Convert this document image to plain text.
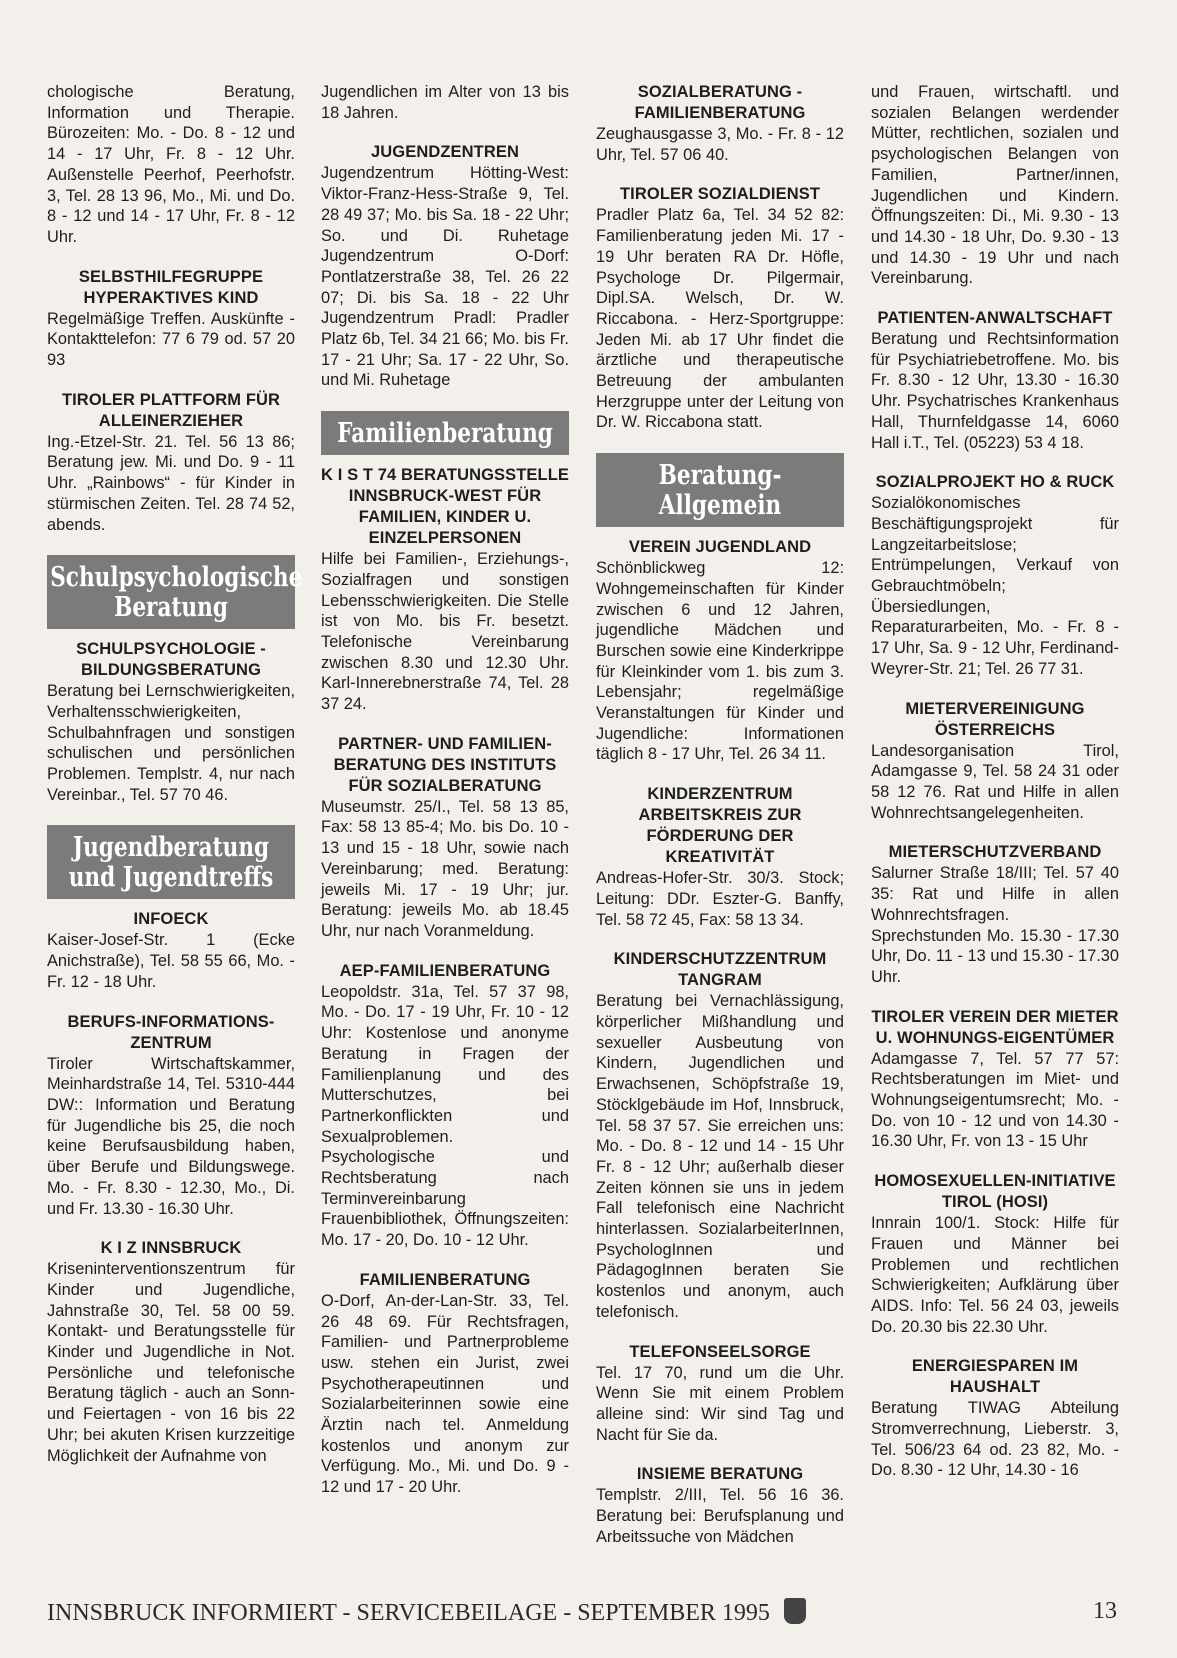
chologische Beratung, Information und Therapie. Bürozeiten: Mo. - Do. 8 - 12 und 14 - 17 Uhr, Fr. 8 - 12 Uhr. Außenstelle Peerhof, Peerhofstr. 3, Tel. 28 13 96, Mo., Mi. und Do. 8 - 12 und 14 - 17 Uhr, Fr. 8 - 12 Uhr.

SELBSTHILFEGRUPPE HYPERAKTIVES KIND

Regelmäßige Treffen. Auskünfte - Kontakttelefon: 77 6 79 od. 57 20 93

TIROLER PLATTFORM FÜR ALLEINERZIEHER

Ing.-Etzel-Str. 21. Tel. 56 13 86; Beratung jew. Mi. und Do. 9 - 11 Uhr. „Rainbows“ - für Kinder in stürmischen Zeiten. Tel. 28 74 52, abends.

Schulpsychologische Beratung
SCHULPSYCHOLOGIE - BILDUNGSBERATUNG

Beratung bei Lernschwierigkeiten, Verhaltensschwierigkeiten, Schulbahnfragen und sonstigen schulischen und persönlichen Problemen. Templstr. 4, nur nach Vereinbar., Tel. 57 70 46.

Jugendberatung und Jugendtreffs
INFOECK

Kaiser-Josef-Str. 1 (Ecke Anichstraße), Tel. 58 55 66, Mo. - Fr. 12 - 18 Uhr.

BERUFS-INFORMATIONS-ZENTRUM

Tiroler Wirtschaftskammer, Meinhardstraße 14, Tel. 5310-444 DW:: Information und Beratung für Jugendliche bis 25, die noch keine Berufsausbildung haben, über Berufe und Bildungswege. Mo. - Fr. 8.30 - 12.30, Mo., Di. und Fr. 13.30 - 16.30 Uhr.

K I Z INNSBRUCK

Kriseninterventionszentrum für Kinder und Jugendliche, Jahnstraße 30, Tel. 58 00 59. Kontakt- und Beratungsstelle für Kinder und Jugendliche in Not. Persönliche und telefonische Beratung täglich - auch an Sonn- und Feiertagen - von 16 bis 22 Uhr; bei akuten Krisen kurzzeitige Möglichkeit der Aufnahme von

Jugendlichen im Alter von 13 bis 18 Jahren.

JUGENDZENTREN

Jugendzentrum Hötting-West: Viktor-Franz-Hess-Straße 9, Tel. 28 49 37; Mo. bis Sa. 18 - 22 Uhr; So. und Di. Ruhetage Jugendzentrum O-Dorf: Pontlatzerstraße 38, Tel. 26 22 07; Di. bis Sa. 18 - 22 Uhr Jugendzentrum Pradl: Pradler Platz 6b, Tel. 34 21 66; Mo. bis Fr. 17 - 21 Uhr; Sa. 17 - 22 Uhr, So. und Mi. Ruhetage

Familienberatung
K I S T 74 BERATUNGSSTELLE INNSBRUCK-WEST FÜR FAMILIEN, KINDER U. EINZELPERSONEN

Hilfe bei Familien-, Erziehungs-, Sozialfragen und sonstigen Lebensschwierigkeiten. Die Stelle ist von Mo. bis Fr. besetzt. Telefonische Vereinbarung zwischen 8.30 und 12.30 Uhr. Karl-Innerebnerstraße 74, Tel. 28 37 24.

PARTNER- UND FAMILIEN-BERATUNG DES INSTITUTS FÜR SOZIALBERATUNG

Museumstr. 25/I., Tel. 58 13 85, Fax: 58 13 85-4; Mo. bis Do. 10 - 13 und 15 - 18 Uhr, sowie nach Vereinbarung; med. Beratung: jeweils Mi. 17 - 19 Uhr; jur. Beratung: jeweils Mo. ab 18.45 Uhr, nur nach Voranmeldung.

AEP-FAMILIENBERATUNG

Leopoldstr. 31a, Tel. 57 37 98, Mo. - Do. 17 - 19 Uhr, Fr. 10 - 12 Uhr: Kostenlose und anonyme Beratung in Fragen der Familienplanung und des Mutterschutzes, bei Partnerkonflickten und Sexualproblemen. Psychologische und Rechtsberatung nach Terminvereinbarung Frauenbibliothek, Öffnungszeiten: Mo. 17 - 20, Do. 10 - 12 Uhr.

FAMILIENBERATUNG

O-Dorf, An-der-Lan-Str. 33, Tel. 26 48 69. Für Rechtsfragen, Familien- und Partnerprobleme usw. stehen ein Jurist, zwei Psychotherapeutinnen und Sozialarbeiterinnen sowie eine Ärztin nach tel. Anmeldung kostenlos und anonym zur Verfügung. Mo., Mi. und Do. 9 - 12 und 17 - 20 Uhr.

SOZIALBERATUNG - FAMILIENBERATUNG

Zeughausgasse 3, Mo. - Fr. 8 - 12 Uhr, Tel. 57 06 40.

TIROLER SOZIALDIENST

Pradler Platz 6a, Tel. 34 52 82: Familienberatung jeden Mi. 17 - 19 Uhr beraten RA Dr. Höfle, Psychologe Dr. Pilgermair, Dipl.SA. Welsch, Dr. W. Riccabona. - Herz-Sportgruppe: Jeden Mi. ab 17 Uhr findet die ärztliche und therapeutische Betreuung der ambulanten Herzgruppe unter der Leitung von Dr. W. Riccabona statt.

Beratung-Allgemein
VEREIN JUGENDLAND

Schönblickweg 12: Wohngemeinschaften für Kinder zwischen 6 und 12 Jahren, jugendliche Mädchen und Burschen sowie eine Kinderkrippe für Kleinkinder vom 1. bis zum 3. Lebensjahr; regelmäßige Veranstaltungen für Kinder und Jugendliche: Informationen täglich 8 - 17 Uhr, Tel. 26 34 11.

KINDERZENTRUM ARBEITSKREIS ZUR FÖRDERUNG DER KREATIVITÄT

Andreas-Hofer-Str. 30/3. Stock; Leitung: DDr. Eszter-G. Banffy, Tel. 58 72 45, Fax: 58 13 34.

KINDERSCHUTZZENTRUM TANGRAM

Beratung bei Vernachlässigung, körperlicher Mißhandlung und sexueller Ausbeutung von Kindern, Jugendlichen und Erwachsenen, Schöpfstraße 19, Stöcklgebäude im Hof, Innsbruck, Tel. 58 37 57. Sie erreichen uns: Mo. - Do. 8 - 12 und 14 - 15 Uhr Fr. 8 - 12 Uhr; außerhalb dieser Zeiten können sie uns in jedem Fall telefonisch eine Nachricht hinterlassen. SozialarbeiterInnen, PsychologInnen und PädagogInnen beraten Sie kostenlos und anonym, auch telefonisch.

TELEFONSEELSORGE

Tel. 17 70, rund um die Uhr. Wenn Sie mit einem Problem alleine sind: Wir sind Tag und Nacht für Sie da.

INSIEME BERATUNG

Templstr. 2/III, Tel. 56 16 36. Beratung bei: Berufsplanung und Arbeitssuche von Mädchen

und Frauen, wirtschaftl. und sozialen Belangen werdender Mütter, rechtlichen, sozialen und psychologischen Belangen von Familien, Partner/innen, Jugendlichen und Kindern. Öffnungszeiten: Di., Mi. 9.30 - 13 und 14.30 - 18 Uhr, Do. 9.30 - 13 und 14.30 - 19 Uhr und nach Vereinbarung.

PATIENTEN-ANWALTSCHAFT

Beratung und Rechtsinformation für Psychiatriebetroffene. Mo. bis Fr. 8.30 - 12 Uhr, 13.30 - 16.30 Uhr. Psychatrisches Krankenhaus Hall, Thurnfeldgasse 14, 6060 Hall i.T., Tel. (05223) 53 4 18.

SOZIALPROJEKT HO & RUCK

Sozialökonomisches Beschäftigungsprojekt für Langzeitarbeitslose; Entrümpelungen, Verkauf von Gebrauchtmöbeln; Übersiedlungen, Reparaturarbeiten, Mo. - Fr. 8 - 17 Uhr, Sa. 9 - 12 Uhr, Ferdinand-Weyrer-Str. 21; Tel. 26 77 31.

MIETERVEREINIGUNG ÖSTERREICHS

Landesorganisation Tirol, Adamgasse 9, Tel. 58 24 31 oder 58 12 76. Rat und Hilfe in allen Wohnrechtsangelegenheiten.

MIETERSCHUTZVERBAND

Salurner Straße 18/III; Tel. 57 40 35: Rat und Hilfe in allen Wohnrechtsfragen. Sprechstunden Mo. 15.30 - 17.30 Uhr, Do. 11 - 13 und 15.30 - 17.30 Uhr.

TIROLER VEREIN DER MIETER U. WOHNUNGS-EIGENTÜMER

Adamgasse 7, Tel. 57 77 57: Rechtsberatungen im Miet- und Wohnungseigentumsrecht; Mo. - Do. von 10 - 12 und von 14.30 - 16.30 Uhr, Fr. von 13 - 15 Uhr

HOMOSEXUELLEN-INITIATIVE TIROL (HOSI)

Innrain 100/1. Stock: Hilfe für Frauen und Männer bei Problemen und rechtlichen Schwierigkeiten; Aufklärung über AIDS. Info: Tel. 56 24 03, jeweils Do. 20.30 bis 22.30 Uhr.

ENERGIESPAREN IM HAUSHALT

Beratung TIWAG Abteilung Stromverrechnung, Lieberstr. 3, Tel. 506/23 64 od. 23 82, Mo. - Do. 8.30 - 12 Uhr, 14.30 - 16

INNSBRUCK INFORMIERT - SERVICEBEILAGE - SEPTEMBER 1995	13
